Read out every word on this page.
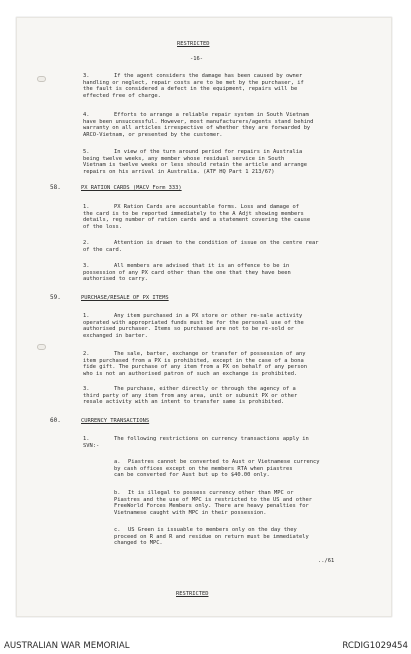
RESTRICTED
-16-
3.	If the agent considers the damage has been caused by owner
handling or neglect, repair costs are to be met by the purchaser, if
the fault is considered a defect in the equipment, repairs will be
effected free of charge.
4.	Efforts to arrange a reliable repair system in South Vietnam
have been unsuccessful. However, most manufacturers/agents stand behind
warranty on all articles irrespective of whether they are forwarded by
ARCO-Vietnam, or presented by the customer.
5.	In view of the turn around period for repairs in Australia
being twelve weeks, any member whose residual service in South
Vietnam is twelve weeks or less should retain the article and arrange
repairs on his arrival in Australia. (ATF HQ Part 1 213/67)
58.	PX RATION CARDS (MACV Form 333)
1.	PX Ration Cards are accountable forms. Loss and damage of
the card is to be reported immediately to the A Adjt showing members
details, reg number of ration cards and a statement covering the cause
of the loss.
2.	Attention is drawn to the condition of issue on the centre rear
of the card.
3.	All members are advised that it is an offence to be in
possession of any PX card other than the one that they have been
authorised to carry.
59.	PURCHASE/RESALE OF PX ITEMS
1.	Any item purchased in a PX store or other re-sale activity
operated with appropriated funds must be for the personal use of the
authorised purchaser. Items so purchased are not to be re-sold or
exchanged in barter.
2.	The sale, barter, exchange or transfer of possession of any
item purchased from a PX is prohibited, except in the case of a bona
fide gift. The purchase of any item from a PX on behalf of any person
who is not an authorised patron of such an exchange is prohibited.
The purchase, either directly or through the agency of a
3.
third party of any item from any area, unit or subunit PX or other
resale activity with an intent to transfer same is prohibited.
60.	CURRENCY TRANSACTIONS
1.	The following restrictions on currency transactions apply in
SVN:-
a. Piastres cannot be converted to Aust or Vietnamese currency
by cash offices except on the members RTA when piastres
can be converted for Aust but up to $40.00 only.
b. It is illegal to possess currency other than MPC or
Piastres and the use of MPC is restricted to the US and other
FreeWorld Forces Members only. There are heavy penalties for
Vietnamese caught with MPC in their possession.
c. US Green is issuable to members only on the day they
proceed on R and R and residue on return must be immediately
changed to MPC.
../61
RESTRICTED
AUSTRALIAN WAR MEMORIAL	RCDIG1029454
